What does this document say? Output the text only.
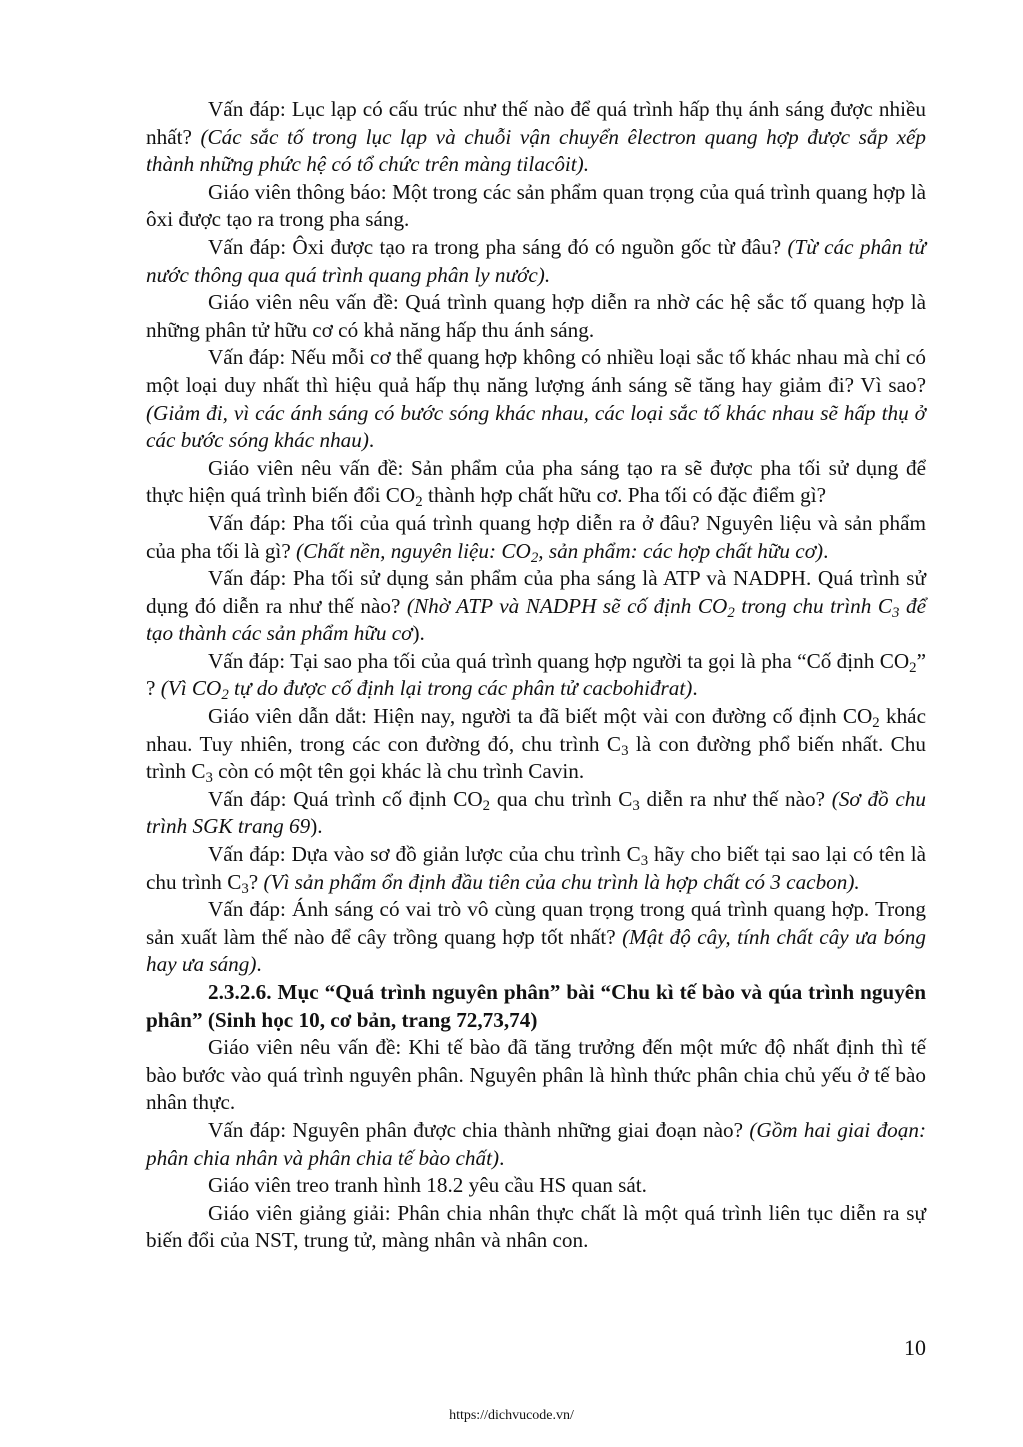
Vấn đáp: Lục lạp có cấu trúc như thế nào để quá trình hấp thụ ánh sáng được nhiều nhất? (Các sắc tố trong lục lạp và chuỗi vận chuyển êlectron quang hợp được sắp xếp thành những phức hệ có tổ chức trên màng tilacôit).

Giáo viên thông báo: Một trong các sản phẩm quan trọng của quá trình quang hợp là ôxi được tạo ra trong pha sáng.

Vấn đáp: Ôxi được tạo ra trong pha sáng đó có nguồn gốc từ đâu? (Từ các phân tử nước thông qua quá trình quang phân ly nước).

Giáo viên nêu vấn đề: Quá trình quang hợp diễn ra nhờ các hệ sắc tố quang hợp là những phân tử hữu cơ có khả năng hấp thu ánh sáng.

Vấn đáp: Nếu mỗi cơ thể quang hợp không có nhiều loại sắc tố khác nhau mà chỉ có một loại duy nhất thì hiệu quả hấp thụ năng lượng ánh sáng sẽ tăng hay giảm đi? Vì sao? (Giảm đi, vì các ánh sáng có bước sóng khác nhau, các loại sắc tố khác nhau sẽ hấp thụ ở các bước sóng khác nhau).

Giáo viên nêu vấn đề: Sản phẩm của pha sáng tạo ra sẽ được pha tối sử dụng để thực hiện quá trình biến đổi $CO_2$ thành hợp chất hữu cơ. Pha tối có đặc điểm gì?

Vấn đáp: Pha tối của quá trình quang hợp diễn ra ở đâu? Nguyên liệu và sản phẩm của pha tối là gì? (Chất nền, nguyên liệu: $CO_2$, sản phẩm: các hợp chất hữu cơ).

Vấn đáp: Pha tối sử dụng sản phẩm của pha sáng là ATP và NADPH. Quá trình sử dụng đó diễn ra như thế nào? (Nhờ ATP và NADPH sẽ cố định $CO_2$ trong chu trình $C_3$ để tạo thành các sản phẩm hữu cơ).

Vấn đáp: Tại sao pha tối của quá trình quang hợp người ta gọi là pha “Cố định $CO_2$” ? (Vì $CO_2$ tự do được cố định lại trong các phân tử cacbohiđrat).

Giáo viên dẫn dắt: Hiện nay, người ta đã biết một vài con đường cố định $CO_2$ khác nhau. Tuy nhiên, trong các con đường đó, chu trình $C_3$ là con đường phổ biến nhất. Chu trình $C_3$ còn có một tên gọi khác là chu trình Cavin.

Vấn đáp: Quá trình cố định $CO_2$ qua chu trình $C_3$ diễn ra như thế nào? (Sơ đồ chu trình SGK trang 69).

Vấn đáp: Dựa vào sơ đồ giản lược của chu trình $C_3$ hãy cho biết tại sao lại có tên là chu trình $C_3$? (Vì sản phẩm ổn định đầu tiên của chu trình là hợp chất có 3 cacbon).

Vấn đáp: Ánh sáng có vai trò vô cùng quan trọng trong quá trình quang hợp. Trong sản xuất làm thế nào để cây trồng quang hợp tốt nhất? (Mật độ cây, tính chất cây ưa bóng hay ưa sáng).

2.3.2.6. Mục “Quá trình nguyên phân” bài “Chu kì tế bào và qúa trình nguyên phân” (Sinh học 10, cơ bản, trang 72,73,74)

Giáo viên nêu vấn đề: Khi tế bào đã tăng trưởng đến một mức độ nhất định thì tế bào bước vào quá trình nguyên phân. Nguyên phân là hình thức phân chia chủ yếu ở tế bào nhân thực.

Vấn đáp: Nguyên phân được chia thành những giai đoạn nào? (Gồm hai giai đoạn: phân chia nhân và phân chia tế bào chất).

Giáo viên treo tranh hình 18.2 yêu cầu HS quan sát.

Giáo viên giảng giải: Phân chia nhân thực chất là một quá trình liên tục diễn ra sự biến đổi của NST, trung tử, màng nhân và nhân con.

10
https://dichvucode.vn/
